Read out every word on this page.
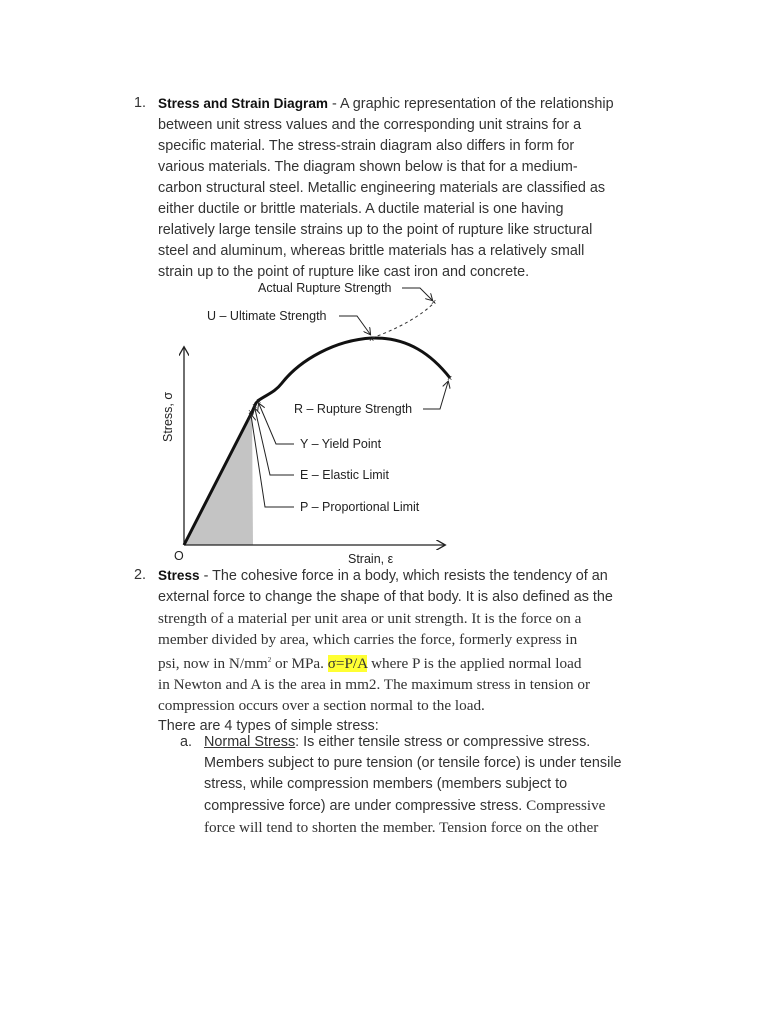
1. Stress and Strain Diagram - A graphic representation of the relationship
between unit stress values and the corresponding unit strains for a
specific material. The stress-strain diagram also differs in form for
various materials. The diagram shown below is that for a medium-
carbon structural steel. Metallic engineering materials are classified as
either ductile or brittle materials. A ductile material is one having
relatively large tensile strains up to the point of rupture like structural
steel and aluminum, whereas brittle materials has a relatively small
strain up to the point of rupture like cast iron and concrete.
×
×
×
×
×
×
Actual Rupture Strength
U – Ultimate Strength
R – Rupture Strength
Y – Yield Point
E – Elastic Limit
P – Proportional Limit
O	Strain, ε
Stress, σ
2. Stress - The cohesive force in a body, which resists the tendency of an
external force to change the shape of that body. It is also defined as the
strength of a material per unit area or unit strength. It is the force on a
member divided by area, which carries the force, formerly express in
psi, now in $N/mm^2$ or MPa. σ=P/A where P is the applied normal load
in Newton and A is the area in mm2. The maximum stress in tension or
compression occurs over a section normal to the load.
There are 4 types of simple stress:
a. Normal Stress: Is either tensile stress or compressive stress.
Members subject to pure tension (or tensile force) is under tensile
stress, while compression members (members subject to
compressive force) are under compressive stress. Compressive
force will tend to shorten the member. Tension force on the other
